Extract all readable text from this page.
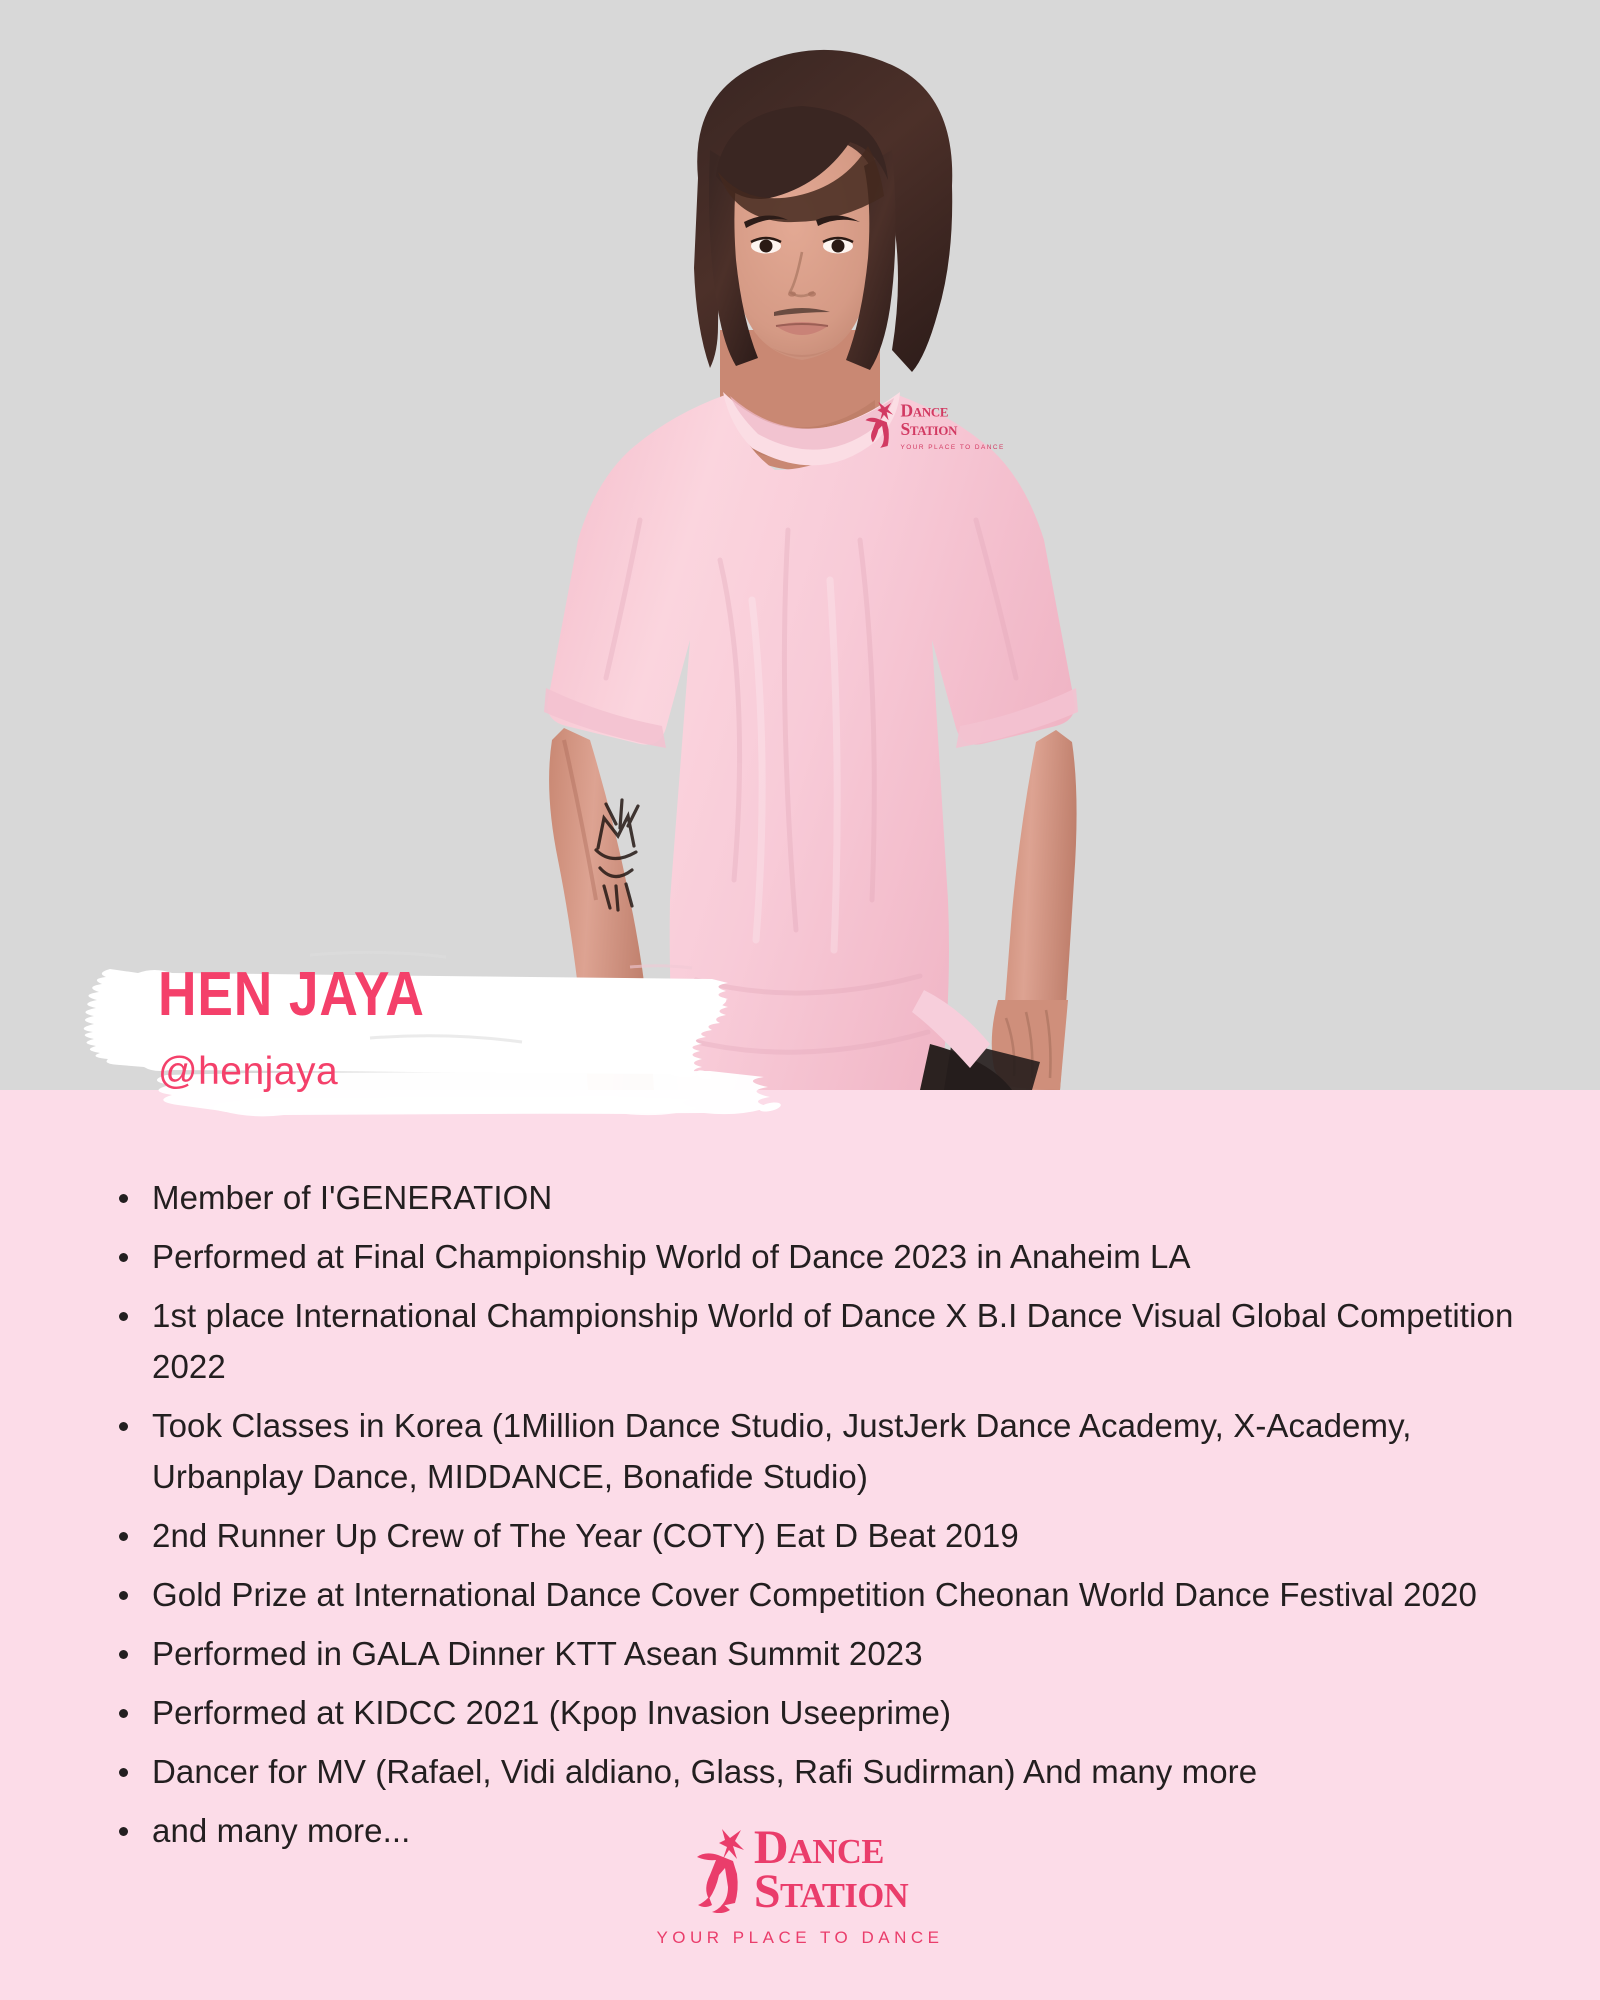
DANCE
STATION
YOUR PLACE TO DANCE
HEN JAYA
@henjaya
Member of I'GENERATION
Performed at Final Championship World of Dance 2023 in Anaheim LA
1st place International Championship World of Dance X B.I Dance Visual Global Competition 2022
Took Classes in Korea (1Million Dance Studio, JustJerk Dance Academy, X-Academy, Urbanplay Dance, MIDDANCE, Bonafide Studio)
2nd Runner Up Crew of The Year (COTY) Eat D Beat 2019
Gold Prize at International Dance Cover Competition Cheonan World Dance Festival 2020
Performed in GALA Dinner KTT Asean Summit 2023
Performed at KIDCC 2021 (Kpop Invasion Useeprime)
Dancer for MV (Rafael, Vidi aldiano, Glass, Rafi Sudirman) And many more
and many more...	DANCE
STATION
YOUR PLACE TO DANCE
